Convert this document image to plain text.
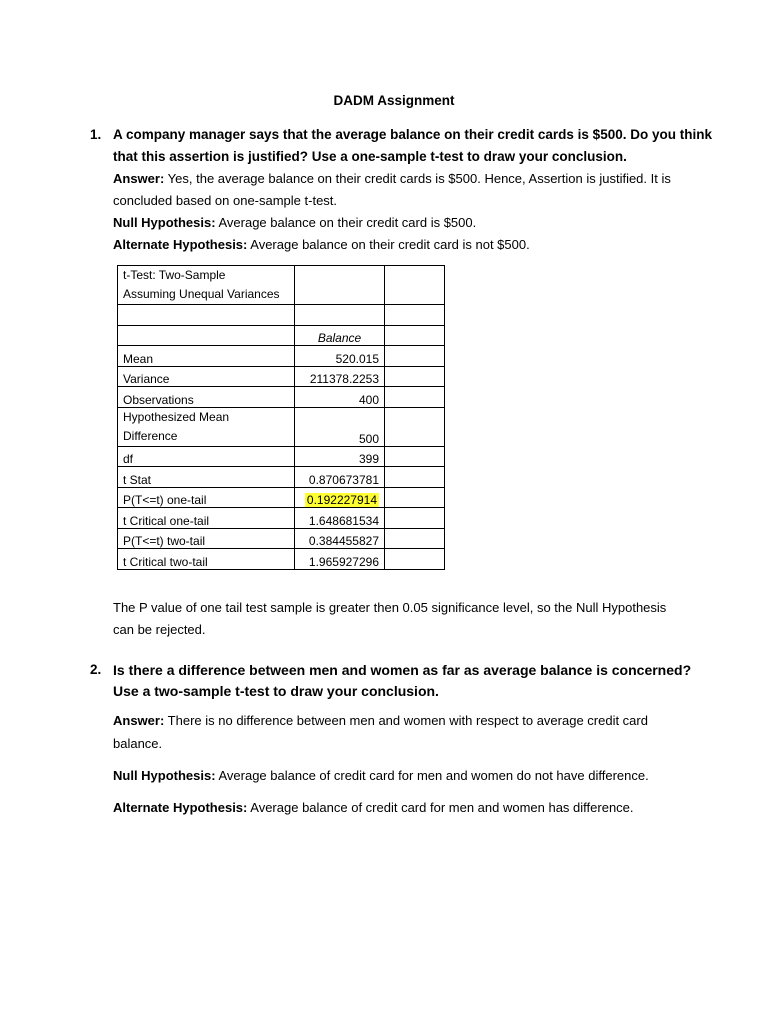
DADM Assignment
1. A company manager says that the average balance on their credit cards is $500. Do you think
that this assertion is justified? Use a one-sample t-test to draw your conclusion.
Answer: Yes, the average balance on their credit cards is $500. Hence, Assertion is justified. It is
concluded based on one-sample t-test.
Null Hypothesis: Average balance on their credit card is $500.
Alternate Hypothesis: Average balance on their credit card is not $500.
t-Test: Two-Sample
Assuming Unequal Variances		

	Balance	
Mean	520.015	
Variance	211378.2253	
Observations	400	

Hypothesized Mean
Difference	500	
df	399	
t Stat	0.870673781	
P(T<=t) one-tail	0.192227914	
t Critical one-tail	1.648681534	
P(T<=t) two-tail	0.384455827	
t Critical two-tail	1.965927296	
The P value of one tail test sample is greater then 0.05 significance level, so the Null Hypothesis
can be rejected.
2. Is there a difference between men and women as far as average balance is concerned?
Use a two-sample t-test to draw your conclusion.
Answer: There is no difference between men and women with respect to average credit card
balance.
Null Hypothesis: Average balance of credit card for men and women do not have difference.
Alternate Hypothesis: Average balance of credit card for men and women has difference.
